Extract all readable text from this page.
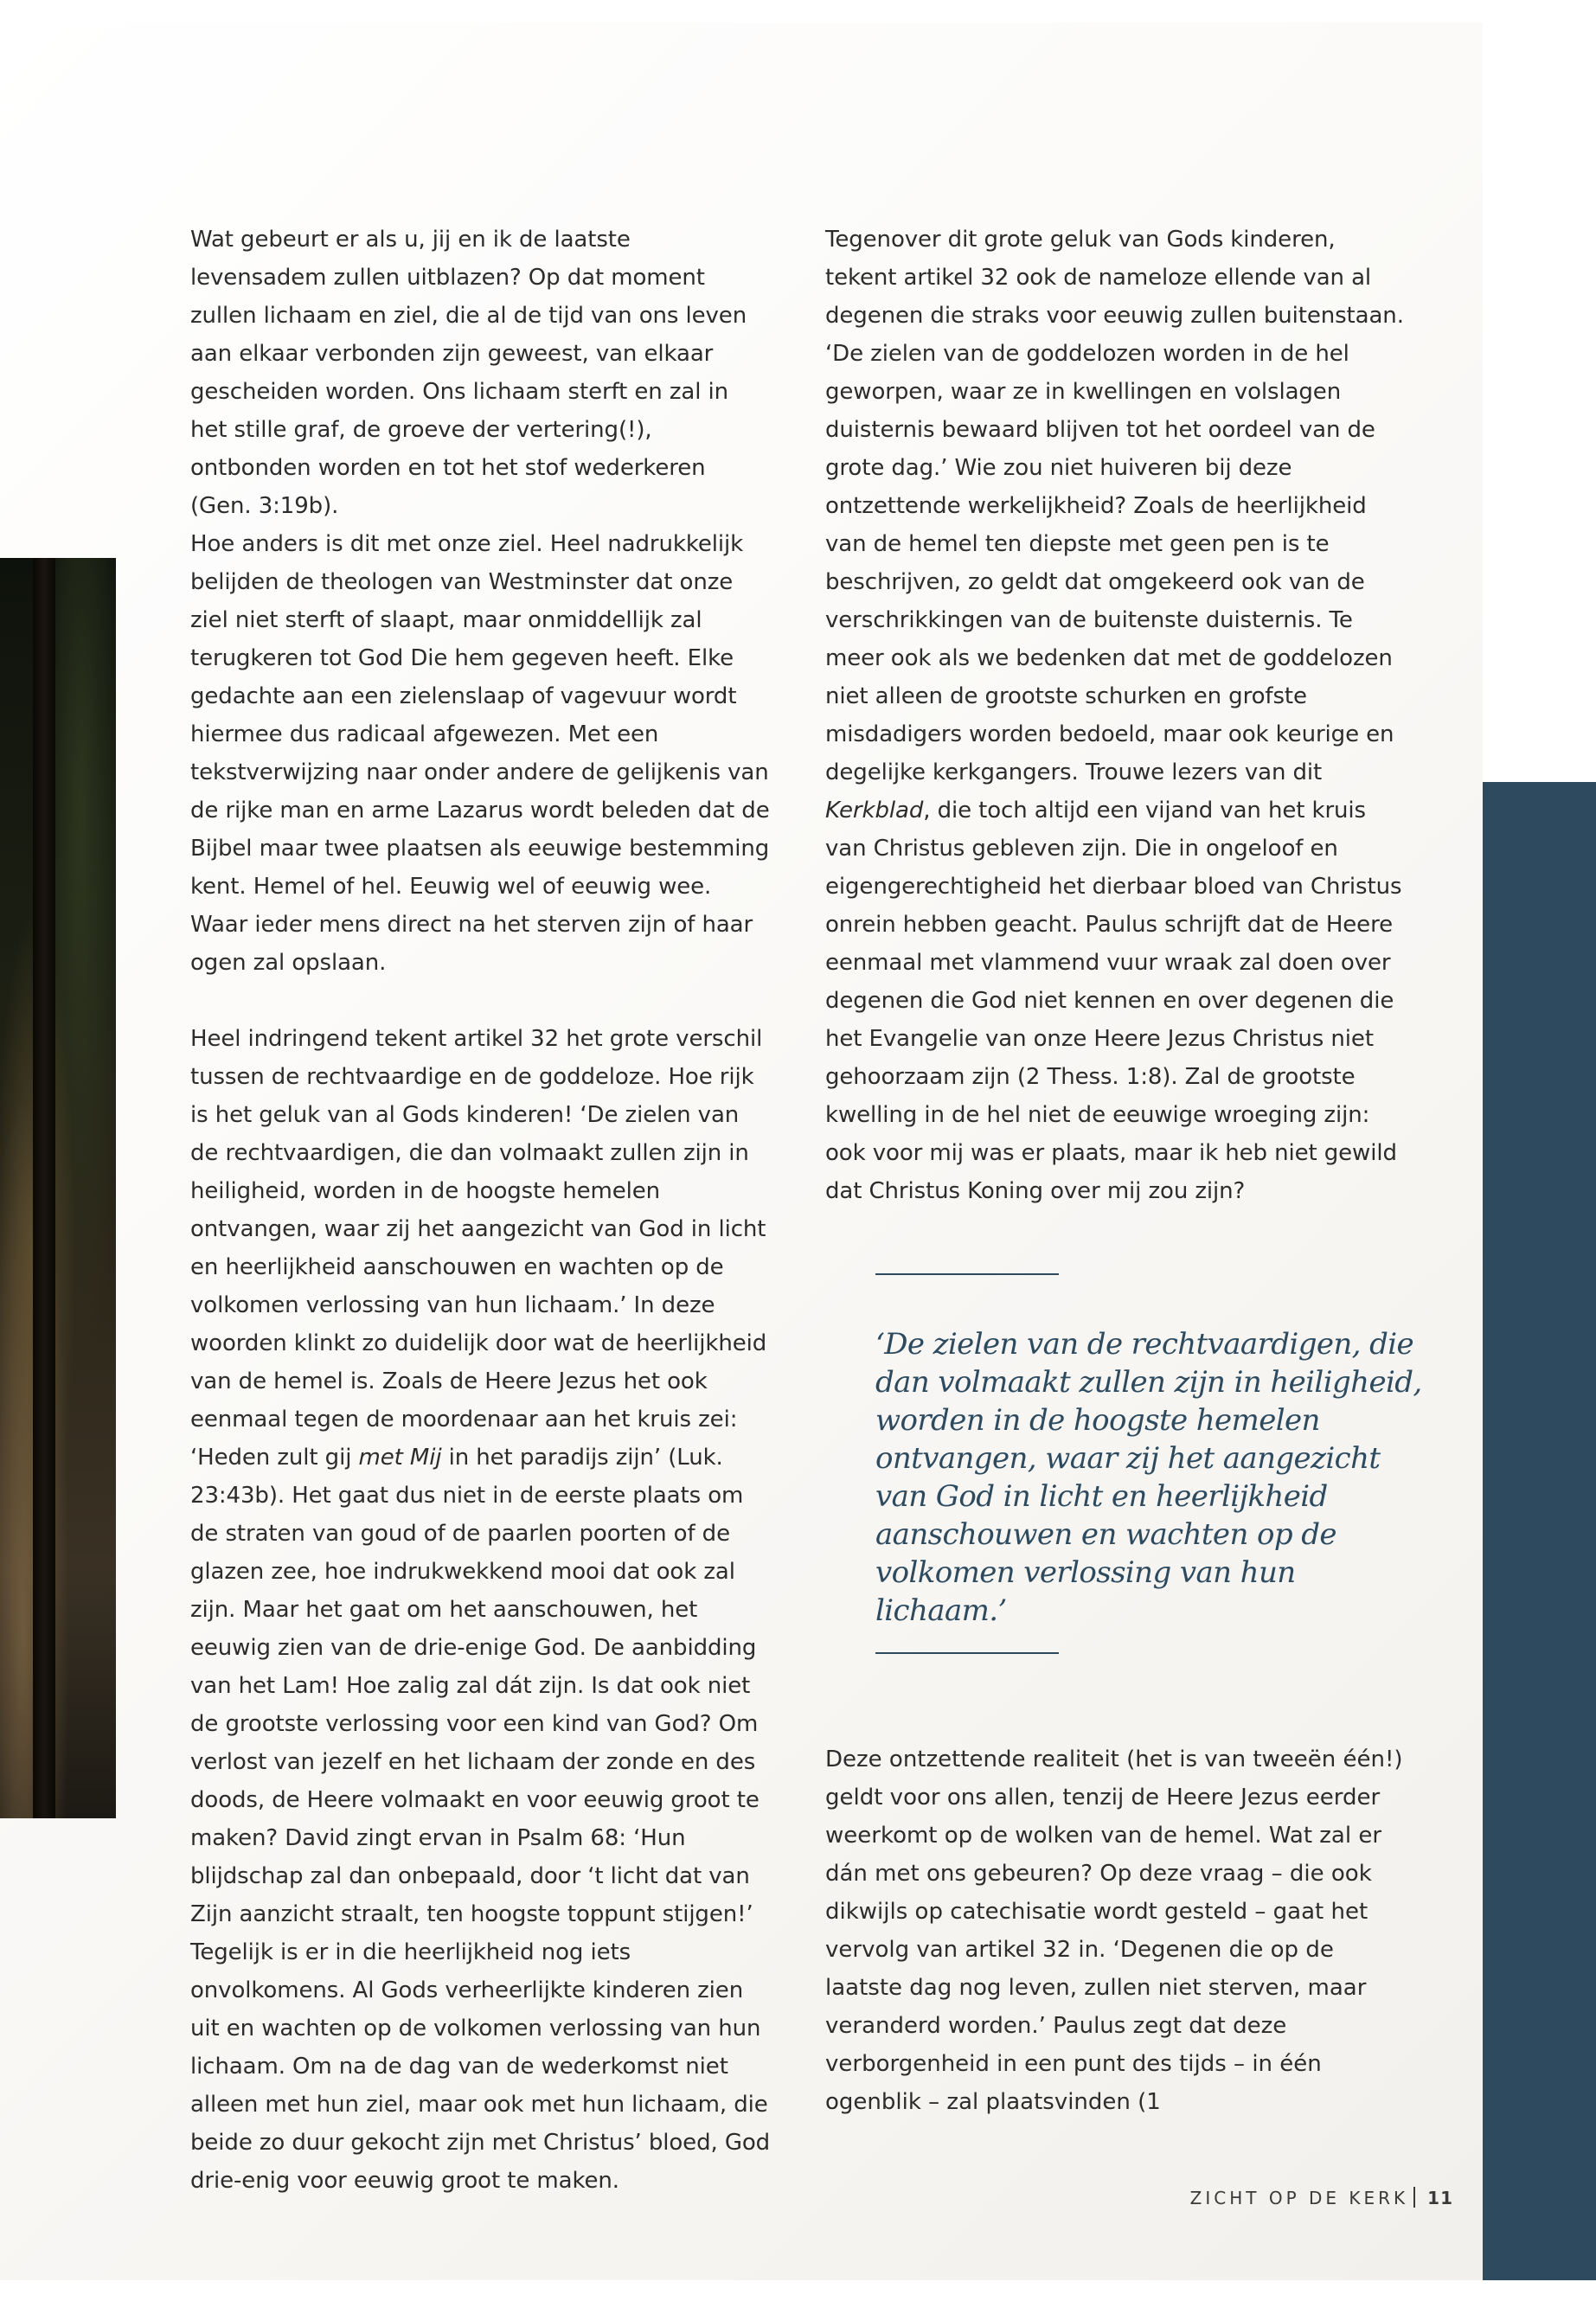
Wat gebeurt er als u, jij en ik de laatste levensadem zullen uitblazen? Op dat moment zullen lichaam en ziel, die al de tijd van ons leven aan elkaar verbonden zijn geweest, van elkaar gescheiden worden. Ons lichaam sterft en zal in het stille graf, de groeve der vertering(!), ontbonden worden en tot het stof wederkeren (Gen. 3:19b).

Hoe anders is dit met onze ziel. Heel nadrukkelijk belijden de theologen van Westminster dat onze ziel niet sterft of slaapt, maar onmiddellijk zal terugkeren tot God Die hem gegeven heeft. Elke gedachte aan een zielenslaap of vagevuur wordt hiermee dus radicaal afgewezen. Met een tekstverwijzing naar onder andere de gelijkenis van de rijke man en arme Lazarus wordt beleden dat de Bijbel maar twee plaatsen als eeuwige bestemming kent. Hemel of hel. Eeuwig wel of eeuwig wee. Waar ieder mens direct na het sterven zijn of haar ogen zal opslaan.

Heel indringend tekent artikel 32 het grote verschil tussen de rechtvaardige en de goddeloze. Hoe rijk is het geluk van al Gods kinderen! ‘De zielen van de rechtvaardigen, die dan volmaakt zullen zijn in heiligheid, worden in de hoogste hemelen ontvangen, waar zij het aangezicht van God in licht en heerlijkheid aanschouwen en wachten op de volkomen verlossing van hun lichaam.’ In deze woorden klinkt zo duidelijk door wat de heerlijkheid van de hemel is. Zoals de Heere Jezus het ook eenmaal tegen de moordenaar aan het kruis zei: ‘Heden zult gij met Mij in het paradijs zijn’ (Luk. 23:43b). Het gaat dus niet in de eerste plaats om de straten van goud of de paarlen poorten of de glazen zee, hoe indrukwekkend mooi dat ook zal zijn. Maar het gaat om het aanschouwen, het eeuwig zien van de drie-enige God. De aanbidding van het Lam! Hoe zalig zal dát zijn. Is dat ook niet de grootste verlossing voor een kind van God? Om verlost van jezelf en het lichaam der zonde en des doods, de Heere volmaakt en voor eeuwig groot te maken? David zingt ervan in Psalm 68: ‘Hun blijdschap zal dan onbepaald, door ‘t licht dat van Zijn aanzicht straalt, ten hoogste toppunt stijgen!’ Tegelijk is er in die heerlijkheid nog iets onvolkomens. Al Gods verheerlijkte kinderen zien uit en wachten op de volkomen verlossing van hun lichaam. Om na de dag van de wederkomst niet alleen met hun ziel, maar ook met hun lichaam, die beide zo duur gekocht zijn met Christus’ bloed, God drie-enig voor eeuwig groot te maken.

Tegenover dit grote geluk van Gods kinderen, tekent artikel 32 ook de nameloze ellende van al degenen die straks voor eeuwig zullen buitenstaan. ‘De zielen van de goddelozen worden in de hel geworpen, waar ze in kwellingen en volslagen duisternis bewaard blijven tot het oordeel van de grote dag.’ Wie zou niet huiveren bij deze ontzettende werkelijkheid? Zoals de heerlijkheid van de hemel ten diepste met geen pen is te beschrijven, zo geldt dat omgekeerd ook van de verschrikkingen van de buitenste duisternis. Te meer ook als we bedenken dat met de goddelozen niet alleen de grootste schurken en grofste misdadigers worden bedoeld, maar ook keurige en degelijke kerkgangers. Trouwe lezers van dit Kerkblad, die toch altijd een vijand van het kruis van Christus gebleven zijn. Die in ongeloof en eigengerechtigheid het dierbaar bloed van Christus onrein hebben geacht. Paulus schrijft dat de Heere eenmaal met vlammend vuur wraak zal doen over degenen die God niet kennen en over degenen die het Evangelie van onze Heere Jezus Christus niet gehoorzaam zijn (2 Thess. 1:8). Zal de grootste kwelling in de hel niet de eeuwige wroeging zijn: ook voor mij was er plaats, maar ik heb niet gewild dat Christus Koning over mij zou zijn?

‘De zielen van de rechtvaardigen, die dan volmaakt zullen zijn in heiligheid, worden in de hoogste hemelen ontvangen, waar zij het aangezicht van God in licht en heerlijkheid aanschouwen en wachten op de volkomen verlossing van hun lichaam.’

Deze ontzettende realiteit (het is van tweeën één!) geldt voor ons allen, tenzij de Heere Jezus eerder weerkomt op de wolken van de hemel. Wat zal er dán met ons gebeuren? Op deze vraag – die ook dikwijls op catechisatie wordt gesteld – gaat het vervolg van artikel 32 in. ‘Degenen die op de laatste dag nog leven, zullen niet sterven, maar veranderd worden.’ Paulus zegt dat deze verborgenheid in een punt des tijds – in één ogenblik – zal plaatsvinden (1

ZICHT OP DE KERK 11
